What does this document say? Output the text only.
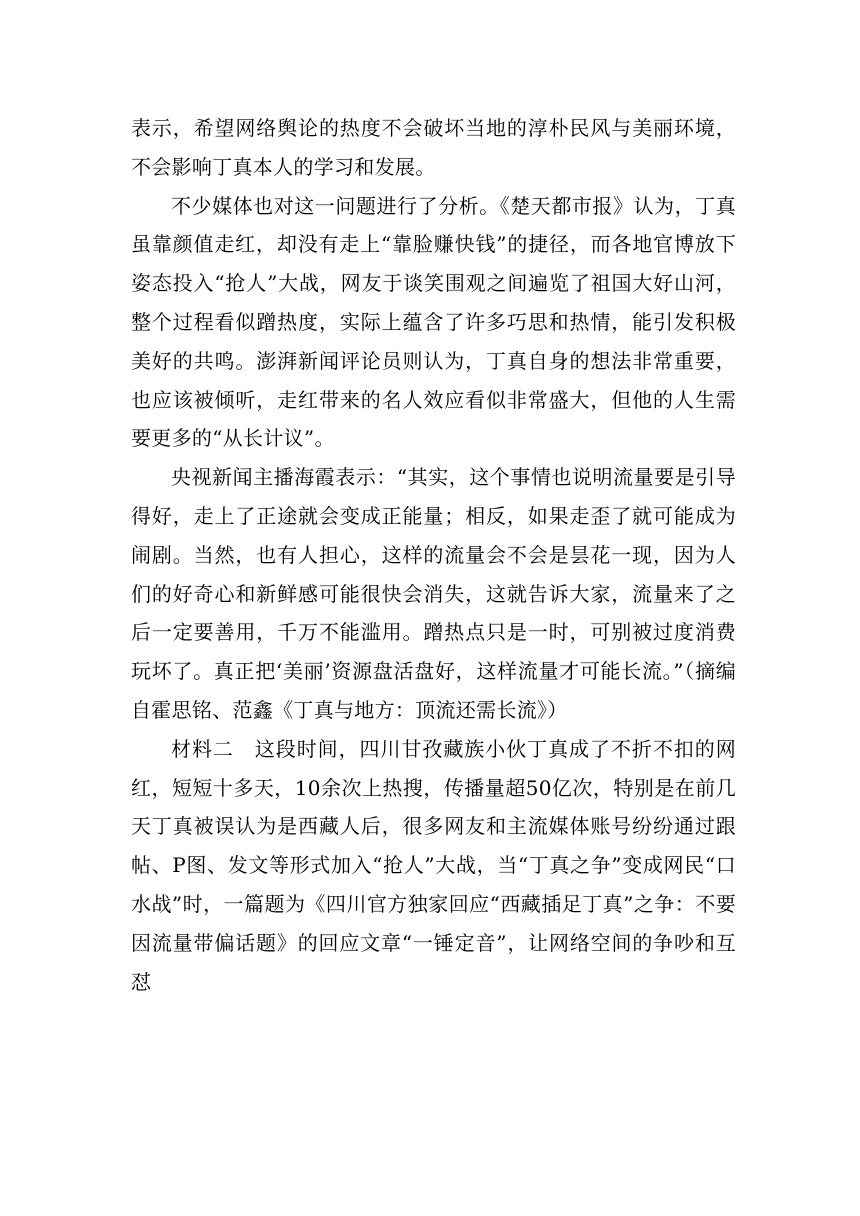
表示，希望网络舆论的热度不会破坏当地的淳朴民风与美丽环境，不会影响丁真本人的学习和发展。

不少媒体也对这一问题进行了分析。《楚天都市报》认为，丁真虽靠颜值走红，却没有走上“靠脸赚快钱”的捷径，而各地官博放下姿态投入“抢人”大战，网友于谈笑围观之间遍览了祖国大好山河，整个过程看似蹭热度，实际上蕴含了许多巧思和热情，能引发积极美好的共鸣。澎湃新闻评论员则认为，丁真自身的想法非常重要，也应该被倾听，走红带来的名人效应看似非常盛大，但他的人生需要更多的“从长计议”。

央视新闻主播海霞表示：“其实，这个事情也说明流量要是引导得好，走上了正途就会变成正能量；相反，如果走歪了就可能成为闹剧。当然，也有人担心，这样的流量会不会是昙花一现，因为人们的好奇心和新鲜感可能很快会消失，这就告诉大家，流量来了之后一定要善用，千万不能滥用。蹭热点只是一时，可别被过度消费玩坏了。真正把‘美丽’资源盘活盘好，这样流量才可能长流。”（摘编自霍思铭、范鑫《丁真与地方：顶流还需长流》）

材料二　这段时间，四川甘孜藏族小伙丁真成了不折不扣的网红，短短十多天，10余次上热搜，传播量超50亿次，特别是在前几天丁真被误认为是西藏人后，很多网友和主流媒体账号纷纷通过跟帖、P图、发文等形式加入“抢人”大战，当“丁真之争”变成网民“口水战”时，一篇题为《四川官方独家回应“西藏插足丁真”之争：不要因流量带偏话题》的回应文章“一锤定音”，让网络空间的争吵和互怼
